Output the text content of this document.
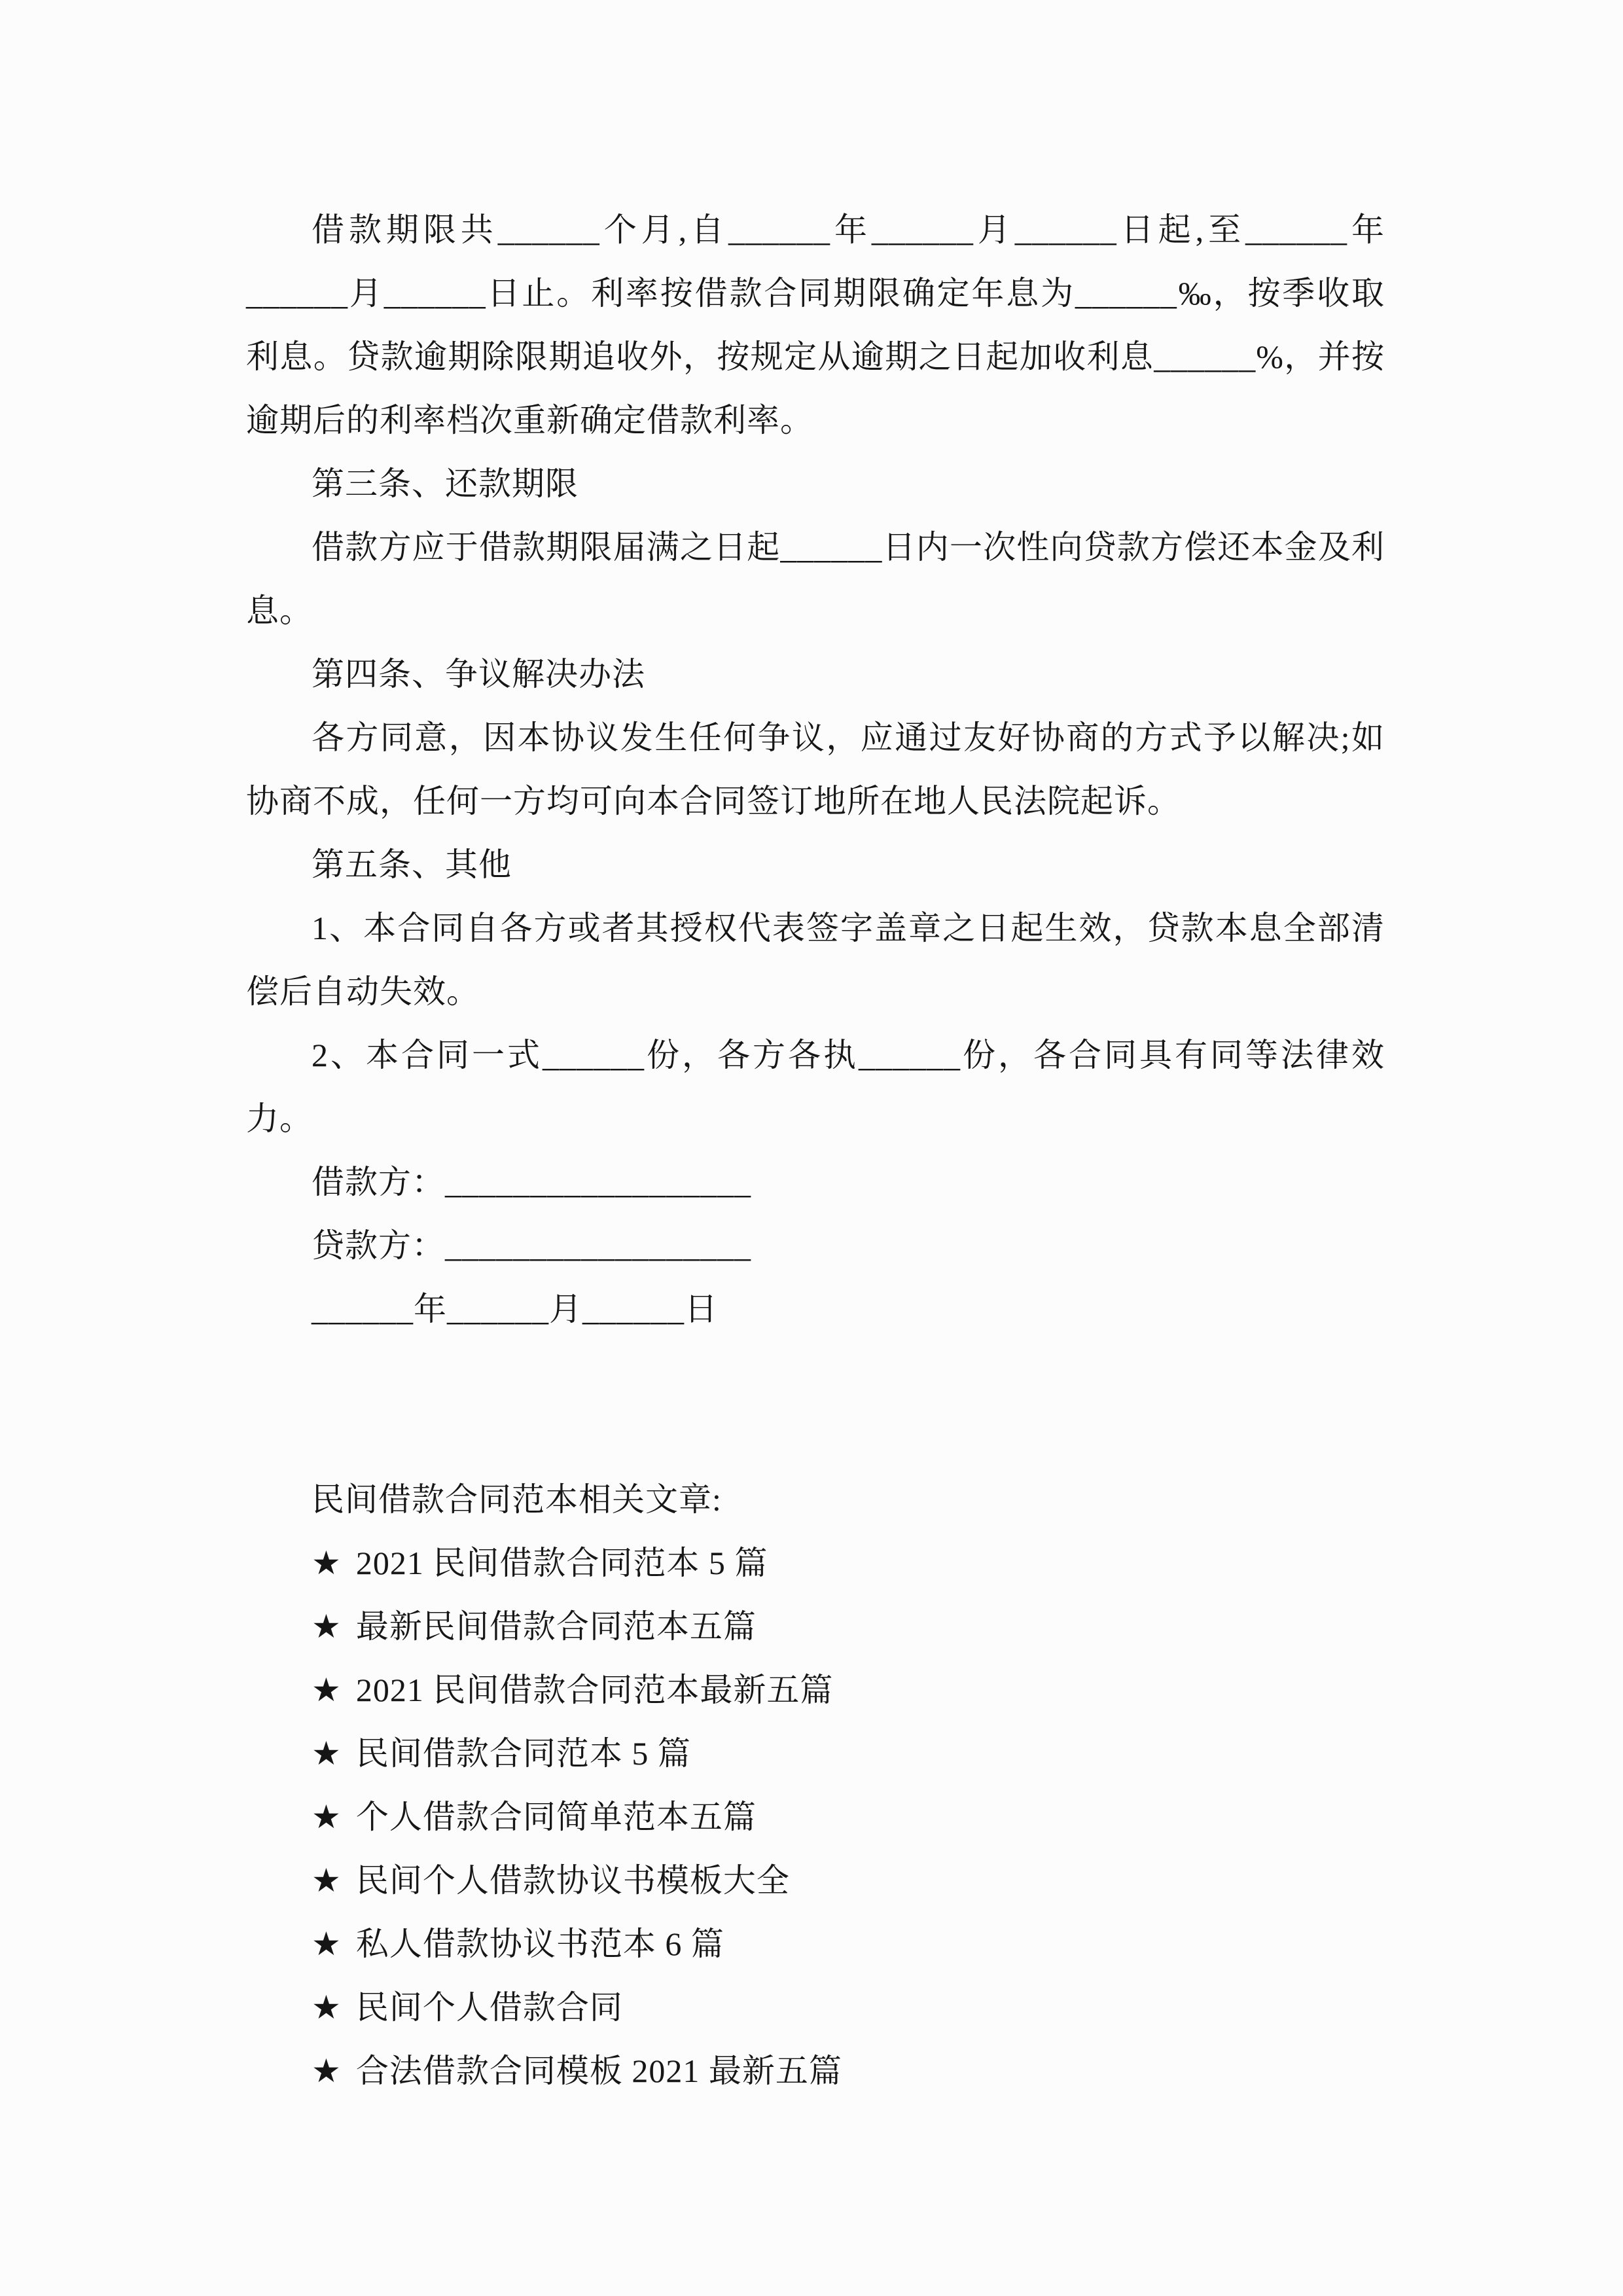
借款期限共______个月,自______年______月______日起,至______年______月______日止。利率按借款合同期限确定年息为______‰，按季收取利息。贷款逾期除限期追收外，按规定从逾期之日起加收利息______%，并按逾期后的利率档次重新确定借款利率。

第三条、还款期限

借款方应于借款期限届满之日起______日内一次性向贷款方偿还本金及利息。

第四条、争议解决办法

各方同意，因本协议发生任何争议，应通过友好协商的方式予以解决;如协商不成，任何一方均可向本合同签订地所在地人民法院起诉。

第五条、其他

1、本合同自各方或者其授权代表签字盖章之日起生效，贷款本息全部清偿后自动失效。

2、本合同一式______份，各方各执______份，各合同具有同等法律效力。

借款方：__________________

贷款方：__________________

______年______月______日

民间借款合同范本相关文章:

★ 2021 民间借款合同范本 5 篇

★ 最新民间借款合同范本五篇

★ 2021 民间借款合同范本最新五篇

★ 民间借款合同范本 5 篇

★ 个人借款合同简单范本五篇

★ 民间个人借款协议书模板大全

★ 私人借款协议书范本 6 篇

★ 民间个人借款合同

★ 合法借款合同模板 2021 最新五篇
